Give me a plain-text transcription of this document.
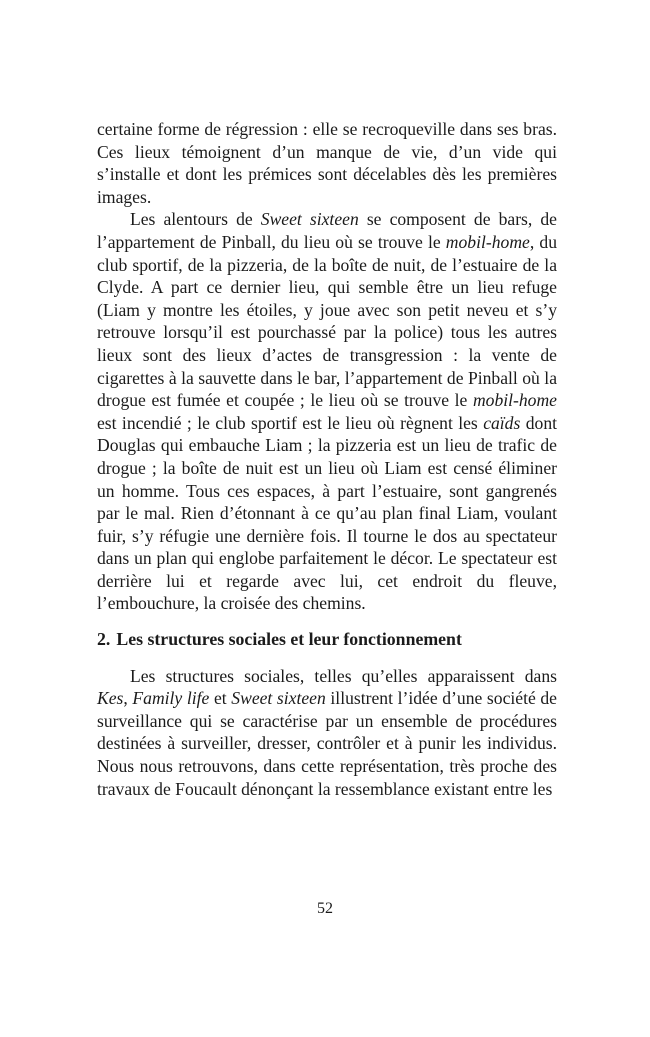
certaine forme de régression : elle se recroqueville dans ses bras. Ces lieux témoignent d’un manque de vie, d’un vide qui s’installe et dont les prémices sont décelables dès les premières images.

Les alentours de Sweet sixteen se composent de bars, de l’appartement de Pinball, du lieu où se trouve le mobil-home, du club sportif, de la pizzeria, de la boîte de nuit, de l’estuaire de la Clyde. A part ce dernier lieu, qui semble être un lieu refuge (Liam y montre les étoiles, y joue avec son petit neveu et s’y retrouve lorsqu’il est pourchassé par la police) tous les autres lieux sont des lieux d’actes de transgression : la vente de cigarettes à la sauvette dans le bar, l’appartement de Pinball où la drogue est fumée et coupée ; le lieu où se trouve le mobil-home est incendié ; le club sportif est le lieu où règnent les caïds dont Douglas qui embauche Liam ; la pizzeria est un lieu de trafic de drogue ; la boîte de nuit est un lieu où Liam est censé éliminer un homme. Tous ces espaces, à part l’estuaire, sont gangrenés par le mal. Rien d’étonnant à ce qu’au plan final Liam, voulant fuir, s’y réfugie une dernière fois. Il tourne le dos au spectateur dans un plan qui englobe parfaitement le décor. Le spectateur est derrière lui et regarde avec lui, cet endroit du fleuve, l’embouchure, la croisée des chemins.

2. Les structures sociales et leur fonctionnement

Les structures sociales, telles qu’elles apparaissent dans Kes, Family life et Sweet sixteen illustrent l’idée d’une société de surveillance qui se caractérise par un ensemble de procédures destinées à surveiller, dresser, contrôler et à punir les individus. Nous nous retrouvons, dans cette représentation, très proche des travaux de Foucault dénonçant la ressemblance existant entre les

52
